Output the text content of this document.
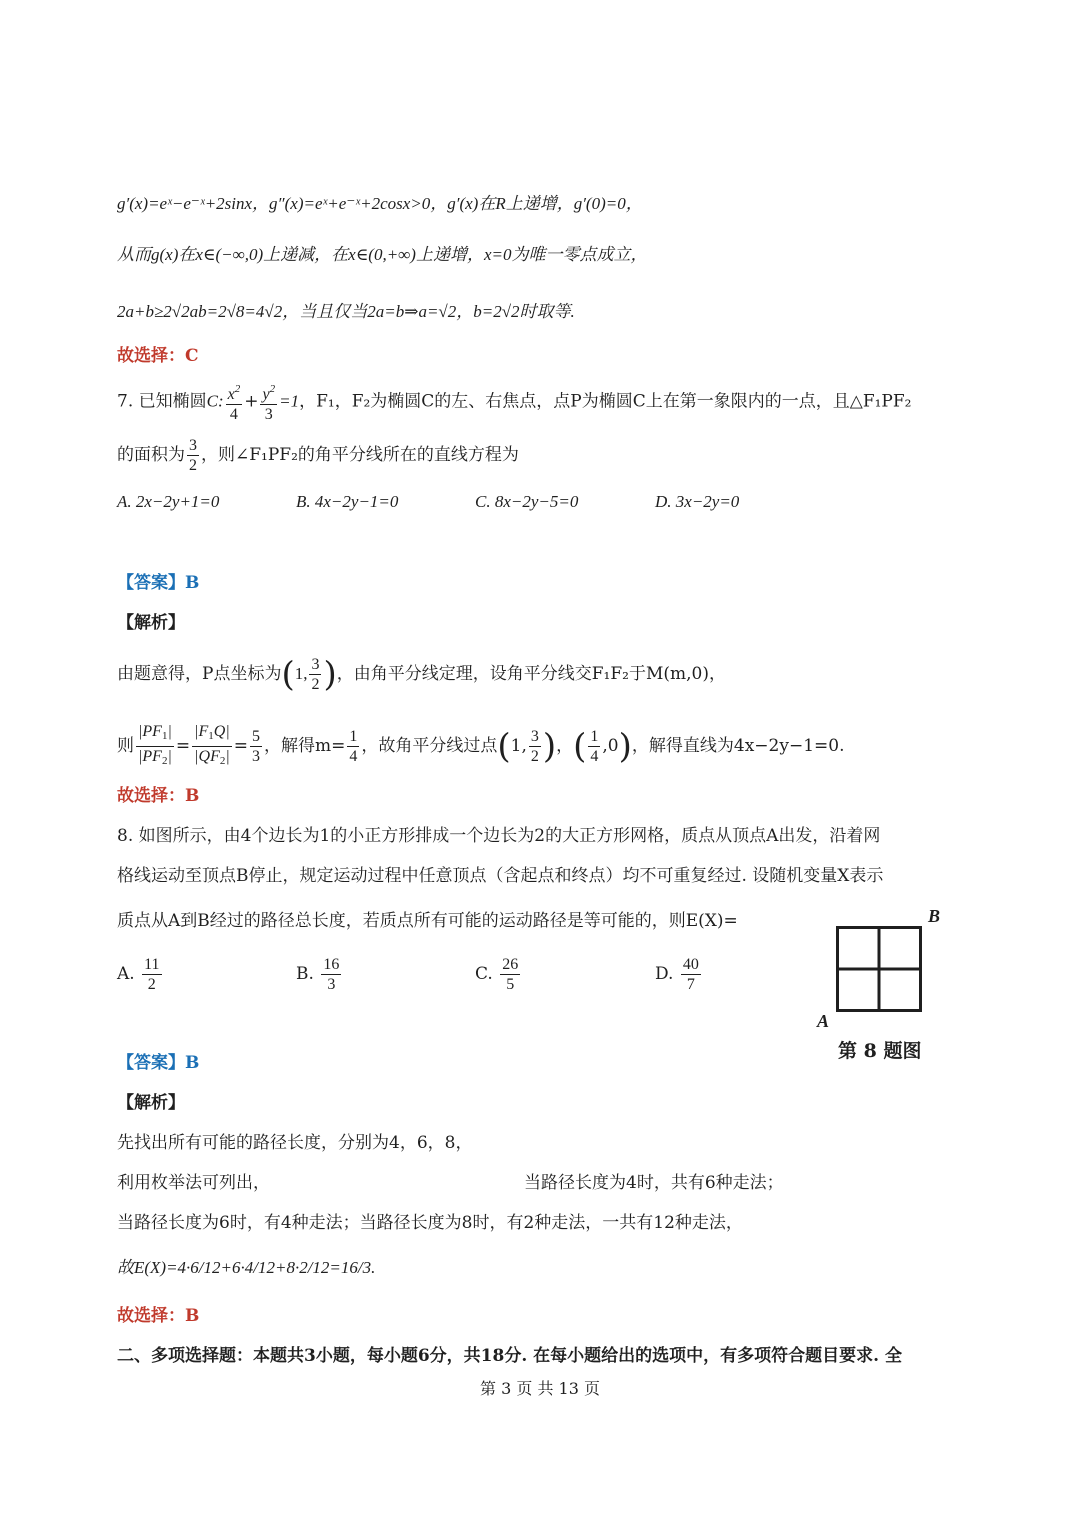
g′(x)=eˣ−e⁻ˣ+2sinx，g″(x)=eˣ+e⁻ˣ+2cosx>0，g′(x)在R上递增，g′(0)=0，
从而g(x)在x∈(−∞,0)上递减，在x∈(0,+∞)上递增，x=0为唯一零点成立，
2a+b≥2√2ab=2√8=4√2，当且仅当2a=b⇒a=√2，b=2√2时取等.
故选择：C
7. 已知椭圆C: $\frac{x^2}{4} + \frac{y^2}{3} =1$，F₁，F₂为椭圆C的左、右焦点，点P为椭圆C上在第一象限内的一点，且△F₁PF₂
的面积为 $\frac{3}{2}$ ，则∠F₁PF₂的角平分线所在的直线方程为
A. 2x−2y+1=0	B. 4x−2y−1=0	C. 8x−2y−5=0	D. 3x−2y=0
【答案】B
【解析】
由题意得，P点坐标为(1, $\frac{3}{2}$ )，由角平分线定理，设角平分线交F₁F₂于M(m,0)，
则 $\frac{|PF_1|}{|PF_2|} = \frac{|F_1Q|}{|QF_2|} = \frac{5}{3}$ ，解得$m= \frac{1}{4}$ ，故角平分线过点(1, $\frac{3}{2}$ )，( $\frac{1}{4} ,0$)，解得直线为4x−2y−1=0.
故选择：B
8. 如图所示，由4个边长为1的小正方形排成一个边长为2的大正方形网格，质点从顶点A出发，沿着网
格线运动至顶点B停止，规定运动过程中任意顶点（含起点和终点）均不可重复经过. 设随机变量X表示
质点从A到B经过的路径总长度，若质点所有可能的运动路径是等可能的，则E(X)=
A. $\frac{11}{2}$	B. $\frac{16}{3}$	C. $\frac{26}{5}$	D. $\frac{40}{7}$
B
A
第 8 题图
【答案】B
【解析】
先找出所有可能的路径长度，分别为4，6，8，
利用枚举法可列出，	当路径长度为4时，共有6种走法；
当路径长度为6时，有4种走法；当路径长度为8时，有2种走法，一共有12种走法，
故E(X)=4·6/12+6·4/12+8·2/12=16/3.
故选择：B
二、多项选择题：本题共3小题，每小题6分，共18分. 在每小题给出的选项中，有多项符合题目要求. 全
第 3 页 共 13 页
